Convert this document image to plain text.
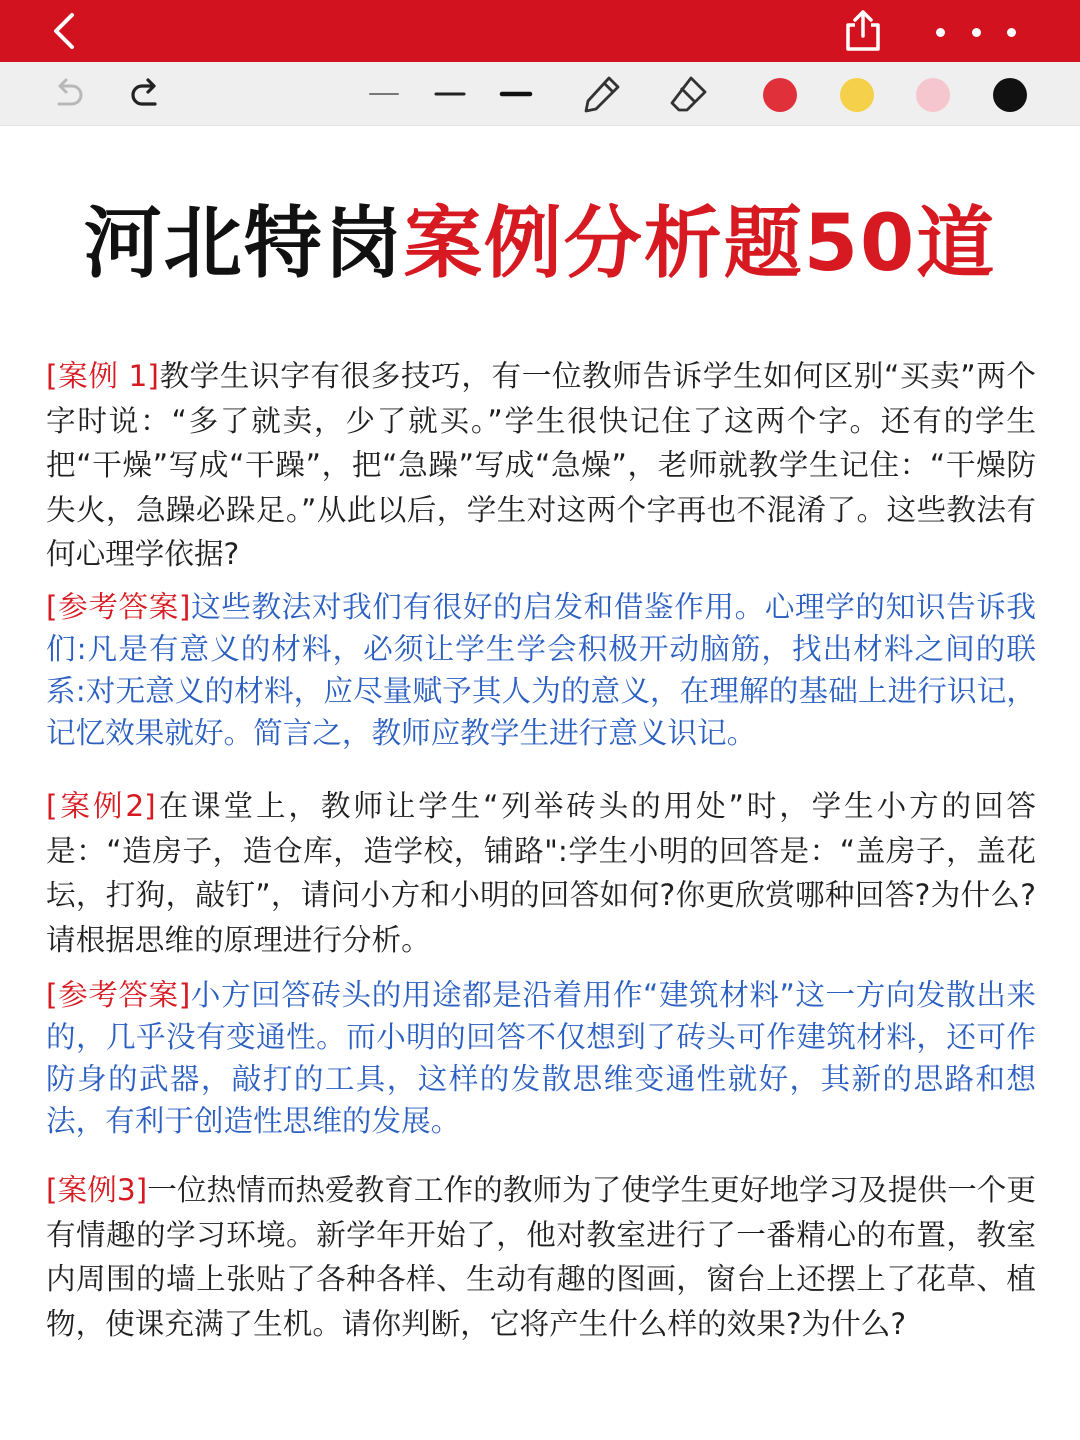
河北特岗案例分析题50道
[案例 1]教学生识字有很多技巧，有一位教师告诉学生如何区别“买卖”两个字时说：“多了就卖，少了就买。”学生很快记住了这两个字。还有的学生把“干燥”写成“干躁”，把“急躁”写成“急燥”，老师就教学生记住：“干燥防失火，急躁必跺足。”从此以后，学生对这两个字再也不混淆了。这些教法有何心理学依据?
[参考答案]这些教法对我们有很好的启发和借鉴作用。心理学的知识告诉我们:凡是有意义的材料，必须让学生学会积极开动脑筋，找出材料之间的联系:对无意义的材料，应尽量赋予其人为的意义，在理解的基础上进行识记，记忆效果就好。简言之，教师应教学生进行意义识记。
[案例2]在课堂上，教师让学生“列举砖头的用处”时，学生小方的回答是：“造房子，造仓库，造学校，铺路":学生小明的回答是：“盖房子，盖花坛，打狗，敲钉”，请问小方和小明的回答如何?你更欣赏哪种回答?为什么?请根据思维的原理进行分析。
[参考答案]小方回答砖头的用途都是沿着用作“建筑材料”这一方向发散出来的，几乎没有变通性。而小明的回答不仅想到了砖头可作建筑材料，还可作防身的武器，敲打的工具，这样的发散思维变通性就好，其新的思路和想法，有利于创造性思维的发展。
[案例3]一位热情而热爱教育工作的教师为了使学生更好地学习及提供一个更有情趣的学习环境。新学年开始了，他对教室进行了一番精心的布置，教室内周围的墙上张贴了各种各样、生动有趣的图画，窗台上还摆上了花草、植物，使课充满了生机。请你判断，它将产生什么样的效果?为什么?
